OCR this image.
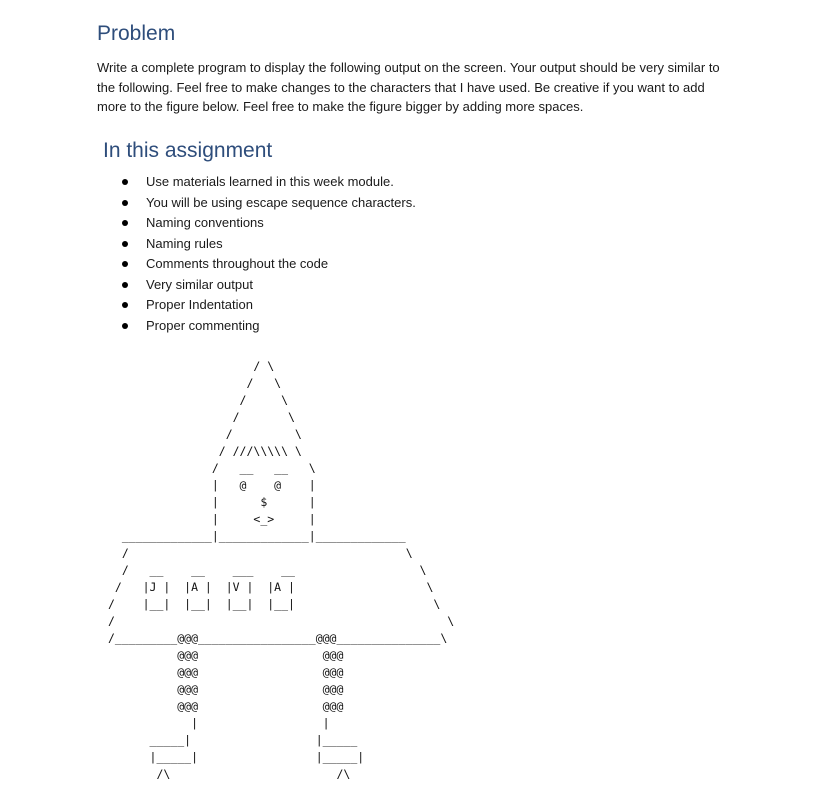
Problem

Write a complete program to display the following output on the screen. Your output should be very similar to the following. Feel free to make changes to the characters that I have used. Be creative if you want to add more to the figure below. Feel free to make the figure bigger by adding more spaces.

In this assignment
Use materials learned in this week module.
You will be using escape sequence characters.
Naming conventions
Naming rules
Comments throughout the code
Very similar output
Proper Indentation
Proper commenting
/ \
/   \
/     \
/       \
/         \
/ ///\\\\\ \
/   __   __   \
|   @    @    |
|      $      |
|     <_>     |
_____________|_____________|_____________
/                                        \
/   __    __    ___    __                  \
/   |J |  |A |  |V |  |A |                   \
/    |__|  |__|  |__|  |__|                    \
/                                                \
/_________@@@_________________@@@_______________\
@@@                  @@@
@@@                  @@@
@@@                  @@@
@@@                  @@@
|                  |
_____|                  |_____
|_____|                 |_____|
/\                        /\
